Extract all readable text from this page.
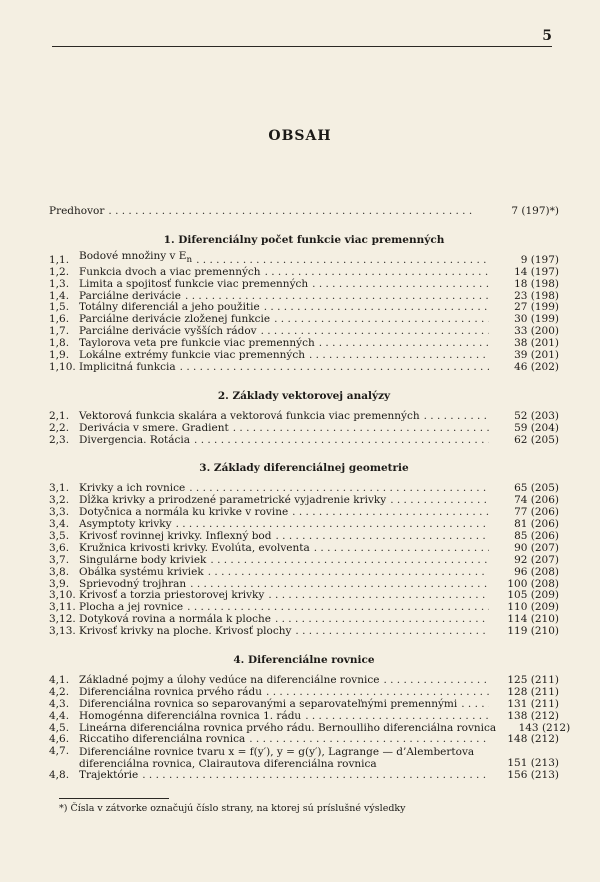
5
OBSAH
Predhovor . . .	7 (197)*)
1. Diferenciálny počet funkcie viac premenných
1,1. Bodové množiny v $E_n$ . . .	9 (197)
1,2. Funkcia dvoch a viac premenných . . .	14 (197)
1,3. Limita a spojitosť funkcie viac premenných . . .	18 (198)
1,4. Parciálne derivácie . . .	23 (198)
1,5. Totálny diferenciál a jeho použitie . . .	27 (199)
1,6. Parciálne derivácie zloženej funkcie . . .	30 (199)
1,7. Parciálne derivácie vyšších rádov . . .	33 (200)
1,8. Taylorova veta pre funkcie viac premenných . . .	38 (201)
1,9. Lokálne extrémy funkcie viac premenných . . .	39 (201)
1,10. Implicitná funkcia . . .	46 (202)
2. Základy vektorovej analýzy
2,1. Vektorová funkcia skalára a vektorová funkcia viac premenných . . .	52 (203)
2,2. Derivácia v smere. Gradient . . .	59 (204)
2,3. Divergencia. Rotácia . . .	62 (205)
3. Základy diferenciálnej geometrie
3,1. Krivky a ich rovnice . . .	65 (205)
3,2. Dĺžka krivky a prirodzené parametrické vyjadrenie krivky . . .	74 (206)
3,3. Dotyčnica a normála ku krivke v rovine . . .	77 (206)
3,4. Asymptoty krivky . . .	81 (206)
3,5. Krivosť rovinnej krivky. Inflexný bod . . .	85 (206)
3,6. Kružnica krivosti krivky. Evolúta, evolventa . . .	90 (207)
3,7. Singulárne body kriviek . . .	92 (207)
3,8. Obálka systému kriviek . . .	96 (208)
3,9. Sprievodný trojhran . . .	100 (208)
3,10. Krivosť a torzia priestorovej krivky . . .	105 (209)
3,11. Plocha a jej rovnice . . .	110 (209)
3,12. Dotyková rovina a normála k ploche . . .	114 (210)
3,13. Krivosť krivky na ploche. Krivosť plochy . . .	119 (210)
4. Diferenciálne rovnice
4,1. Základné pojmy a úlohy vedúce na diferenciálne rovnice . . .	125 (211)
4,2. Diferenciálna rovnica prvého rádu . . .	128 (211)
4,3. Diferenciálna rovnica so separovanými a separovateľnými premennými . . .	131 (211)
4,4. Homogénna diferenciálna rovnica 1. rádu . . .	138 (212)
4,5. Lineárna diferenciálna rovnica prvého rádu. Bernoulliho diferenciálna rovnica	143 (212)
4,6. Riccatiho diferenciálna rovnica . . .	148 (212)
4,7. Diferenciálne rovnice tvaru x = f(y′), y = g(y′), Lagrange — d’Alembertova diferenciálna rovnica, Clairautova diferenciálna rovnica	151 (213)
4,8. Trajektórie . . .	156 (213)
*) Čísla v zátvorke označujú číslo strany, na ktorej sú príslušné výsledky
